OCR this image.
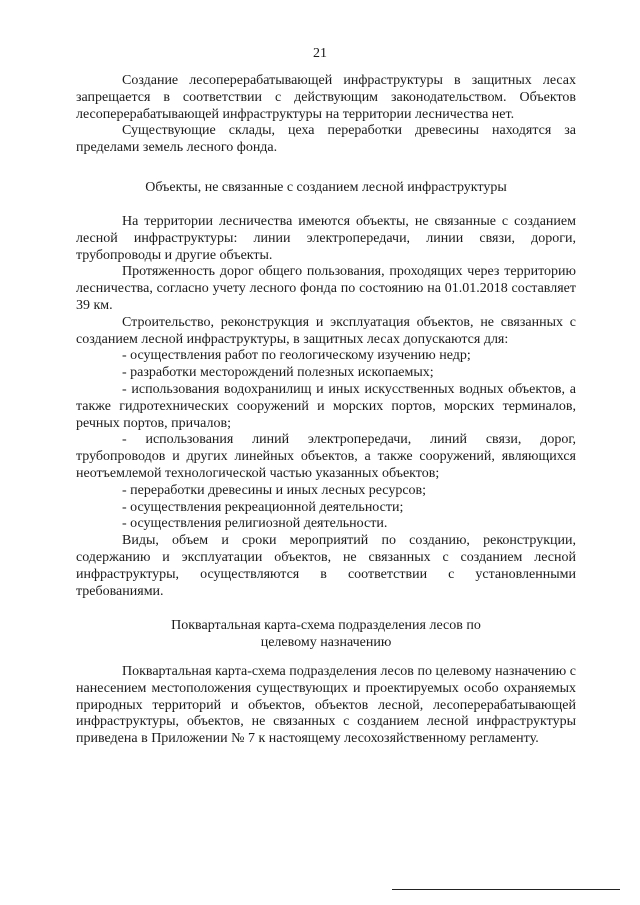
21

Создание лесоперерабатывающей инфраструктуры в защитных лесах запрещается в соответствии с действующим законодательством. Объектов лесоперерабатывающей инфраструктуры на территории лесничества нет.

Существующие склады, цеха переработки древесины находятся за пределами земель лесного фонда.

Объекты, не связанные с созданием лесной инфраструктуры

На территории лесничества имеются объекты, не связанные с созданием лесной инфраструктуры: линии электропередачи, линии связи, дороги, трубопроводы и другие объекты.

Протяженность дорог общего пользования, проходящих через территорию лесничества, согласно учету лесного фонда по состоянию на 01.01.2018 составляет 39 км.

Строительство, реконструкция и эксплуатация объектов, не связанных с созданием лесной инфраструктуры, в защитных лесах допускаются для:

- осуществления работ по геологическому изучению недр;

- разработки месторождений полезных ископаемых;

- использования водохранилищ и иных искусственных водных объектов, а также гидротехнических сооружений и морских портов, морских терминалов, речных портов, причалов;

- использования линий электропередачи, линий связи, дорог, трубопроводов и других линейных объектов, а также сооружений, являющихся неотъемлемой технологической частью указанных объектов;

- переработки древесины и иных лесных ресурсов;

- осуществления рекреационной деятельности;

- осуществления религиозной деятельности.

Виды, объем и сроки мероприятий по созданию, реконструкции, содержанию и эксплуатации объектов, не связанных с созданием лесной инфраструктуры, осуществляются в соответствии с установленными требованиями.

Поквартальная карта-схема подразделения лесов по

целевому назначению

Поквартальная карта-схема подразделения лесов по целевому назначению с нанесением местоположения существующих и проектируемых особо охраняемых природных территорий и объектов, объектов лесной, лесоперерабатывающей инфраструктуры, объектов, не связанных с созданием лесной инфраструктуры приведена в Приложении № 7 к настоящему лесохозяйственному регламенту.
